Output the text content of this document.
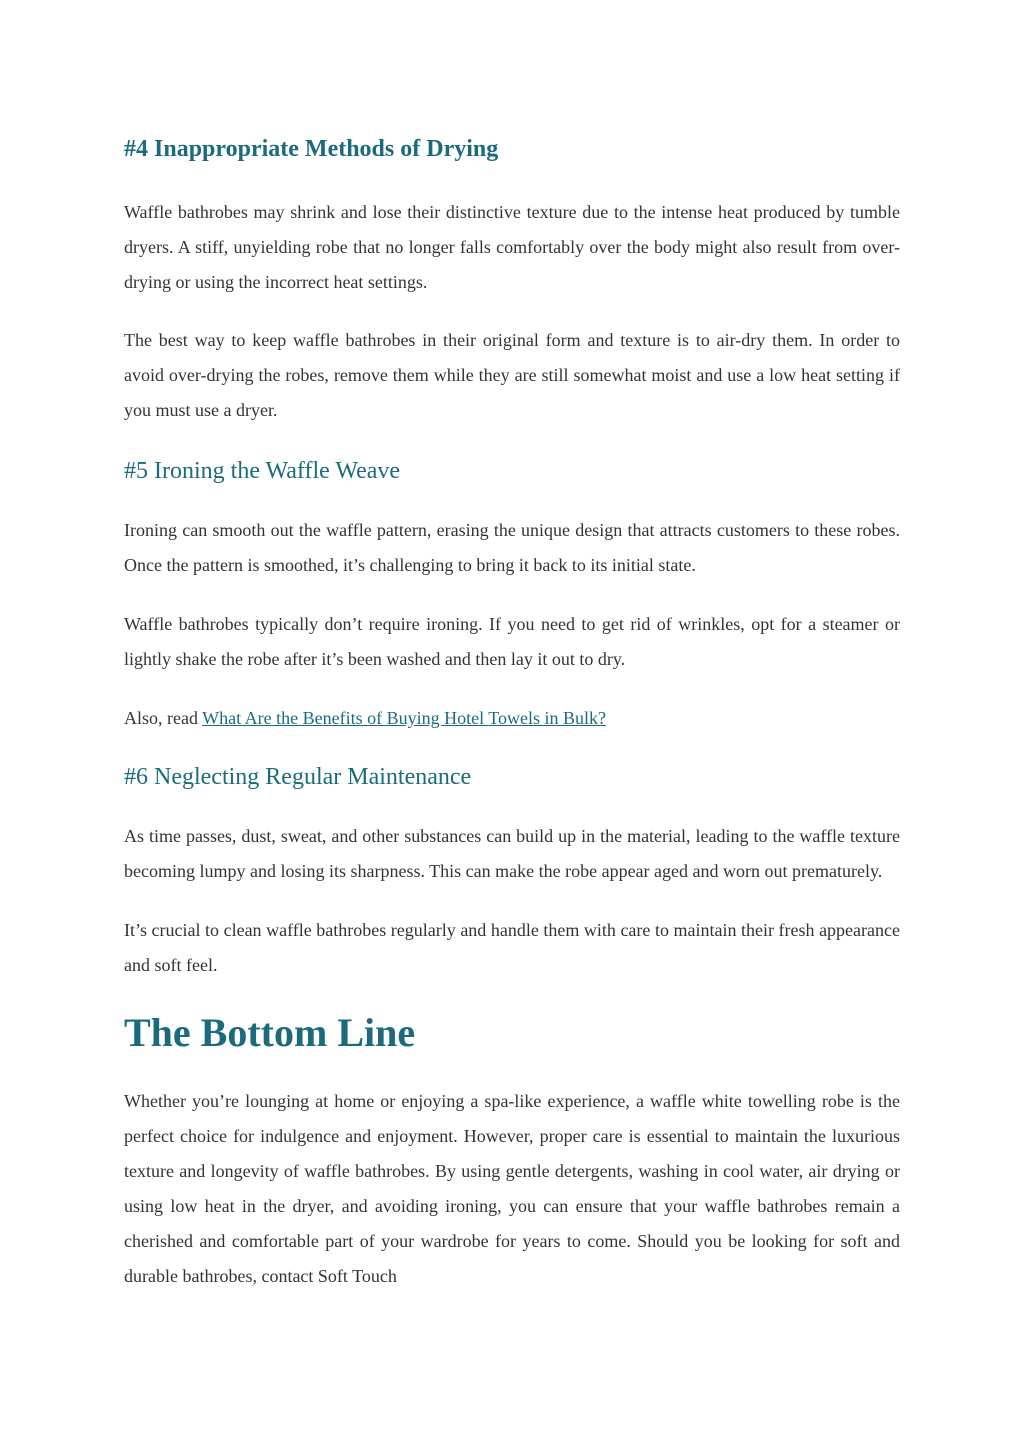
#4 Inappropriate Methods of Drying

Waffle bathrobes may shrink and lose their distinctive texture due to the intense heat produced by tumble dryers. A stiff, unyielding robe that no longer falls comfortably over the body might also result from over-drying or using the incorrect heat settings.

The best way to keep waffle bathrobes in their original form and texture is to air-dry them. In order to avoid over-drying the robes, remove them while they are still somewhat moist and use a low heat setting if you must use a dryer.

#5 Ironing the Waffle Weave

Ironing can smooth out the waffle pattern, erasing the unique design that attracts customers to these robes. Once the pattern is smoothed, it’s challenging to bring it back to its initial state.

Waffle bathrobes typically don’t require ironing. If you need to get rid of wrinkles, opt for a steamer or lightly shake the robe after it’s been washed and then lay it out to dry.

Also, read What Are the Benefits of Buying Hotel Towels in Bulk?

#6 Neglecting Regular Maintenance

As time passes, dust, sweat, and other substances can build up in the material, leading to the waffle texture becoming lumpy and losing its sharpness. This can make the robe appear aged and worn out prematurely.

It’s crucial to clean waffle bathrobes regularly and handle them with care to maintain their fresh appearance and soft feel.

The Bottom Line

Whether you’re lounging at home or enjoying a spa-like experience, a waffle white towelling robe is the perfect choice for indulgence and enjoyment. However, proper care is essential to maintain the luxurious texture and longevity of waffle bathrobes. By using gentle detergents, washing in cool water, air drying or using low heat in the dryer, and avoiding ironing, you can ensure that your waffle bathrobes remain a cherished and comfortable part of your wardrobe for years to come. Should you be looking for soft and durable bathrobes, contact Soft Touch
